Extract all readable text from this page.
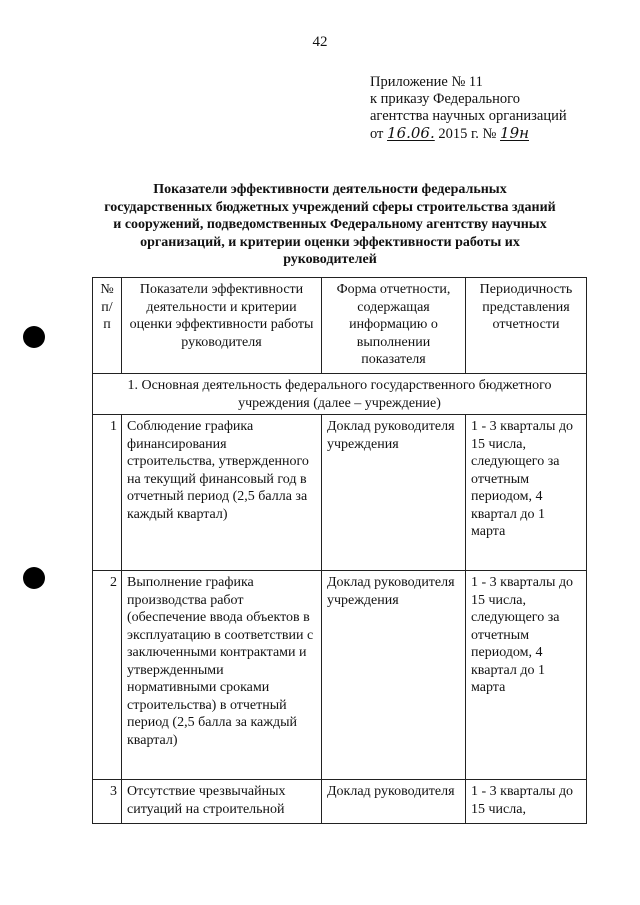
42
Приложение № 11
к приказу Федерального
агентства научных организаций
от 16.06. 2015 г. № 19н
Показатели эффективности деятельности федеральных государственных бюджетных учреждений сферы строительства зданий и сооружений, подведомственных Федеральному агентству научных организаций, и критерии оценки эффективности работы их руководителей
№ п/п	Показатели эффективности деятельности и критерии оценки эффективности работы руководителя	Форма отчетности, содержащая информацию о выполнении показателя	Периодичность представления отчетности
1. Основная деятельность федерального государственного бюджетного учреждения (далее – учреждение)			
1	Соблюдение графика финансирования строительства, утвержденного на текущий финансовый год в отчетный период (2,5 балла за каждый квартал)	Доклад руководителя учреждения	1 - 3 кварталы до 15 числа, следующего за отчетным периодом, 4 квартал до 1 марта
2	Выполнение графика производства работ (обеспечение ввода объектов в эксплуатацию в соответствии с заключенными контрактами и утвержденными нормативными сроками строительства) в отчетный период (2,5 балла за каждый квартал)	Доклад руководителя учреждения	1 - 3 кварталы до 15 числа, следующего за отчетным периодом, 4 квартал до 1 марта
3	Отсутствие чрезвычайных ситуаций на строительной	Доклад руководителя	1 - 3 кварталы до 15 числа,
